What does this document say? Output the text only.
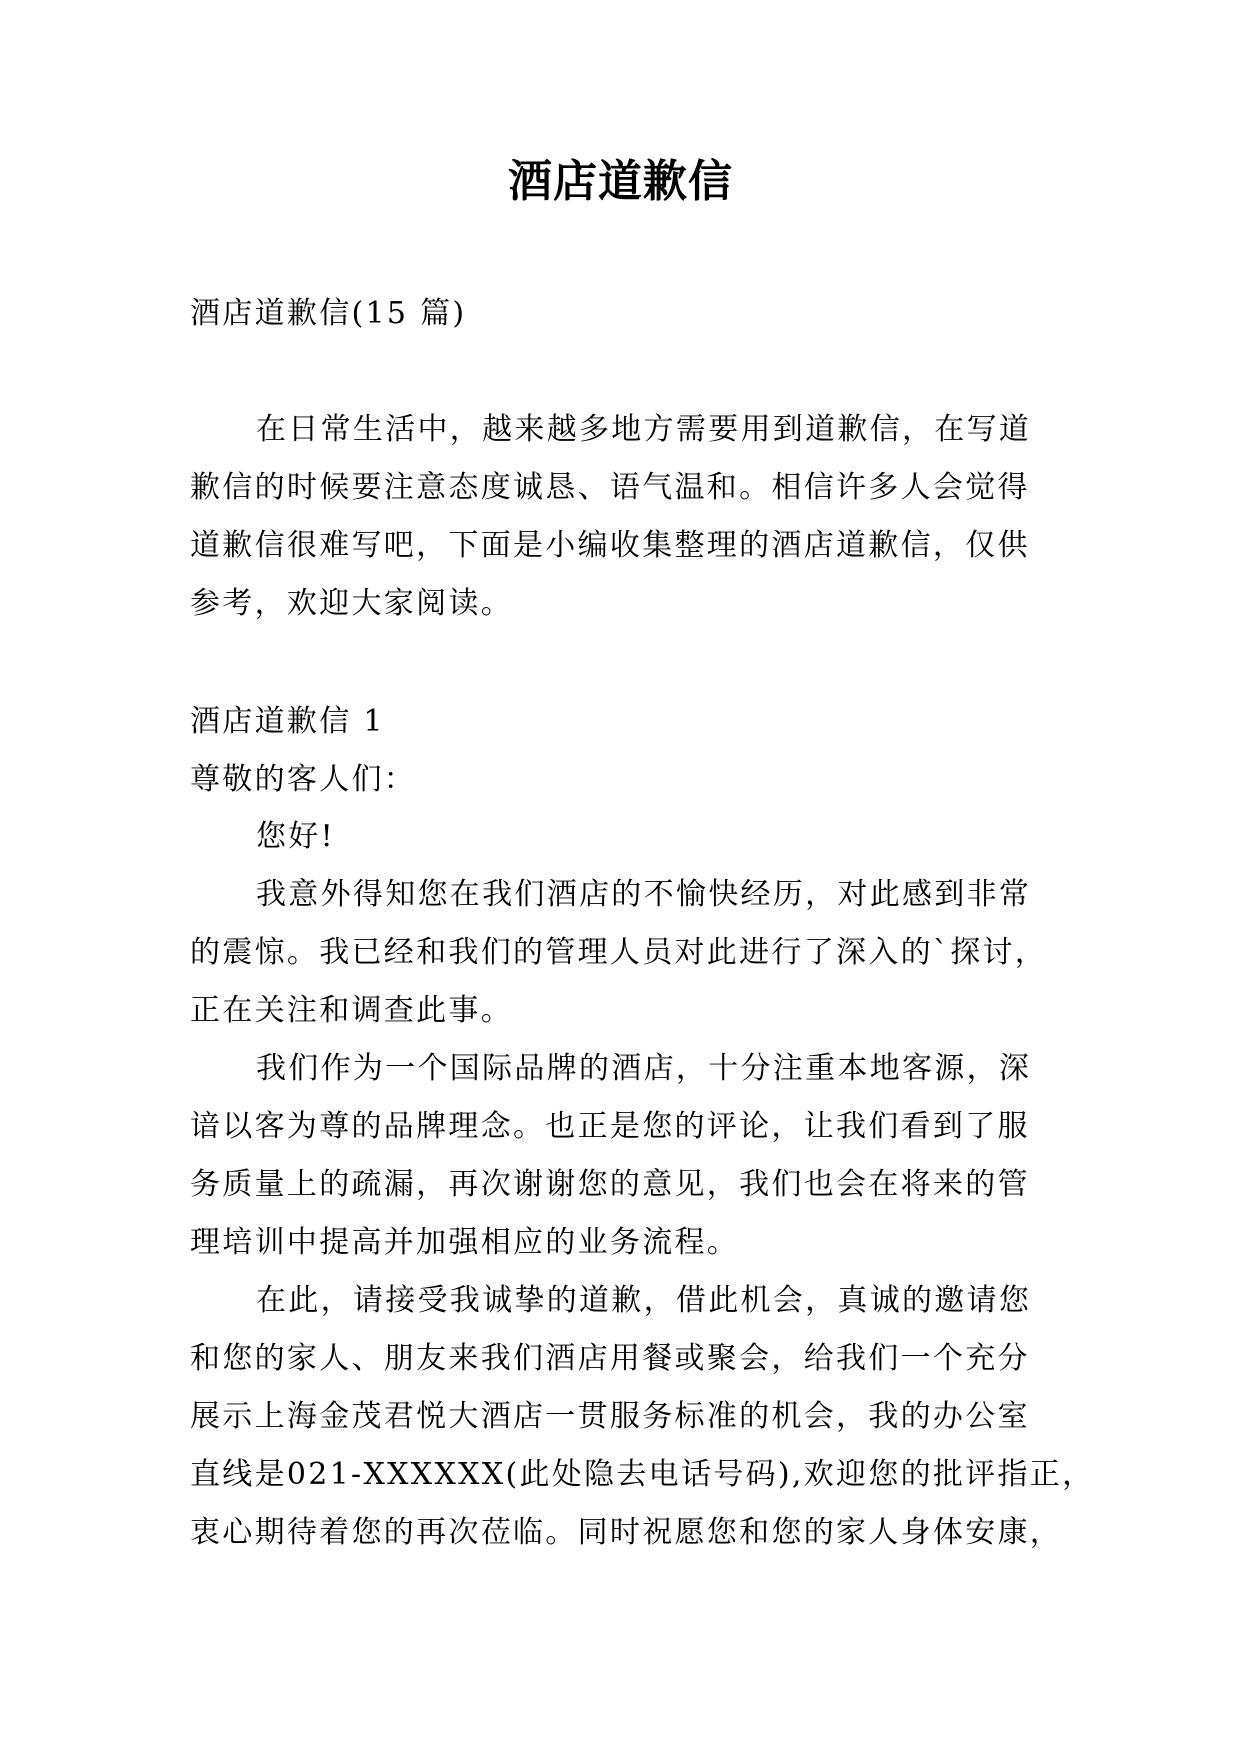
酒店道歉信
酒店道歉信(15 篇)
在日常生活中，越来越多地方需要用到道歉信，在写道
歉信的时候要注意态度诚恳、语气温和。相信许多人会觉得
道歉信很难写吧，下面是小编收集整理的酒店道歉信，仅供
参考，欢迎大家阅读。
酒店道歉信 1
尊敬的客人们：
您好!
我意外得知您在我们酒店的不愉快经历，对此感到非常
的震惊。我已经和我们的管理人员对此进行了深入的`探讨，
正在关注和调查此事。
我们作为一个国际品牌的酒店，十分注重本地客源，深
谙以客为尊的品牌理念。也正是您的评论，让我们看到了服
务质量上的疏漏，再次谢谢您的意见，我们也会在将来的管
理培训中提高并加强相应的业务流程。
在此，请接受我诚挚的道歉，借此机会，真诚的邀请您
和您的家人、朋友来我们酒店用餐或聚会，给我们一个充分
展示上海金茂君悦大酒店一贯服务标准的机会，我的办公室
直线是021-XXXXXX(此处隐去电话号码),欢迎您的批评指正，
衷心期待着您的再次莅临。同时祝愿您和您的家人身体安康，
